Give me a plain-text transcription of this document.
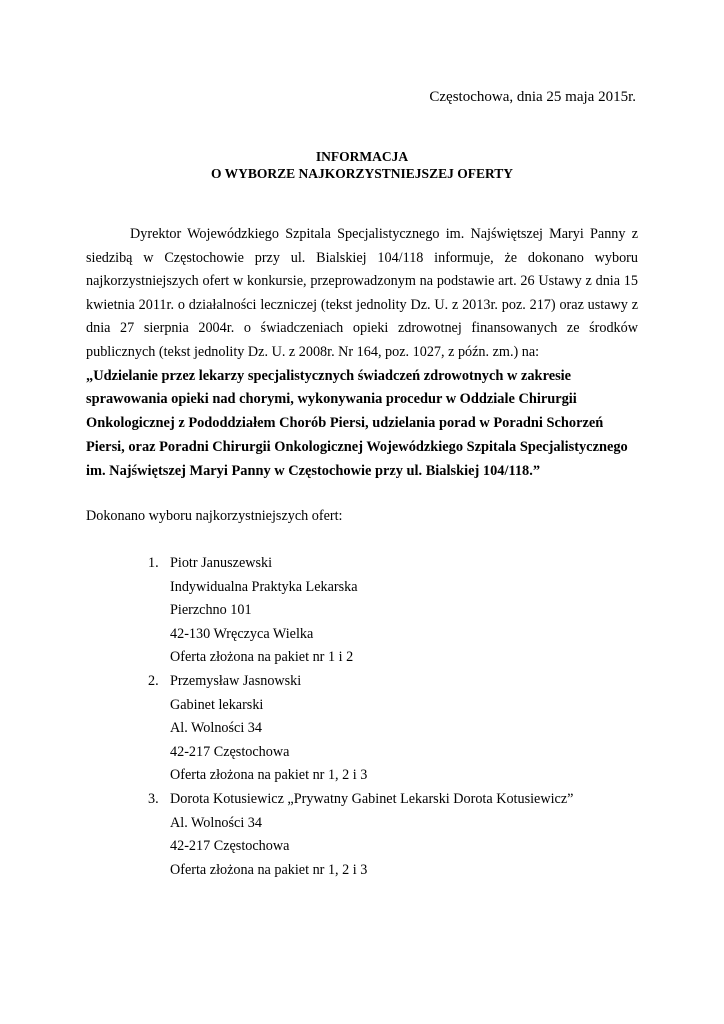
Częstochowa, dnia 25 maja 2015r.
INFORMACJA
O WYBORZE NAJKORZYSTNIEJSZEJ OFERTY

Dyrektor Wojewódzkiego Szpitala Specjalistycznego im. Najświętszej Maryi Panny z siedzibą w Częstochowie przy ul. Bialskiej 104/118 informuje, że dokonano wyboru najkorzystniejszych ofert w konkursie, przeprowadzonym na podstawie art. 26 Ustawy z dnia 15 kwietnia 2011r. o działalności leczniczej (tekst jednolity Dz. U. z 2013r. poz. 217) oraz ustawy z dnia 27 sierpnia 2004r. o świadczeniach opieki zdrowotnej finansowanych ze środków publicznych (tekst jednolity Dz. U. z 2008r. Nr 164, poz. 1027, z późn. zm.) na:

„Udzielanie przez lekarzy specjalistycznych świadczeń zdrowotnych w zakresie

sprawowania opieki nad chorymi, wykonywania procedur w Oddziale Chirurgii

Onkologicznej z Pododdziałem Chorób Piersi, udzielania porad w Poradni Schorzeń

Piersi, oraz Poradni Chirurgii Onkologicznej Wojewódzkiego Szpitala Specjalistycznego

im. Najświętszej Maryi Panny w Częstochowie przy ul. Bialskiej 104/118.”

Dokonano wyboru najkorzystniejszych ofert:
1. Piotr Januszewski
Indywidualna Praktyka Lekarska
Pierzchno 101
42-130 Wręczyca Wielka
Oferta złożona na pakiet nr 1 i 2
2. Przemysław Jasnowski
Gabinet lekarski
Al. Wolności 34
42-217 Częstochowa
Oferta złożona na pakiet nr 1, 2 i 3
3. Dorota Kotusiewicz „Prywatny Gabinet Lekarski Dorota Kotusiewicz”
Al. Wolności 34
42-217 Częstochowa
Oferta złożona na pakiet nr 1, 2 i 3
